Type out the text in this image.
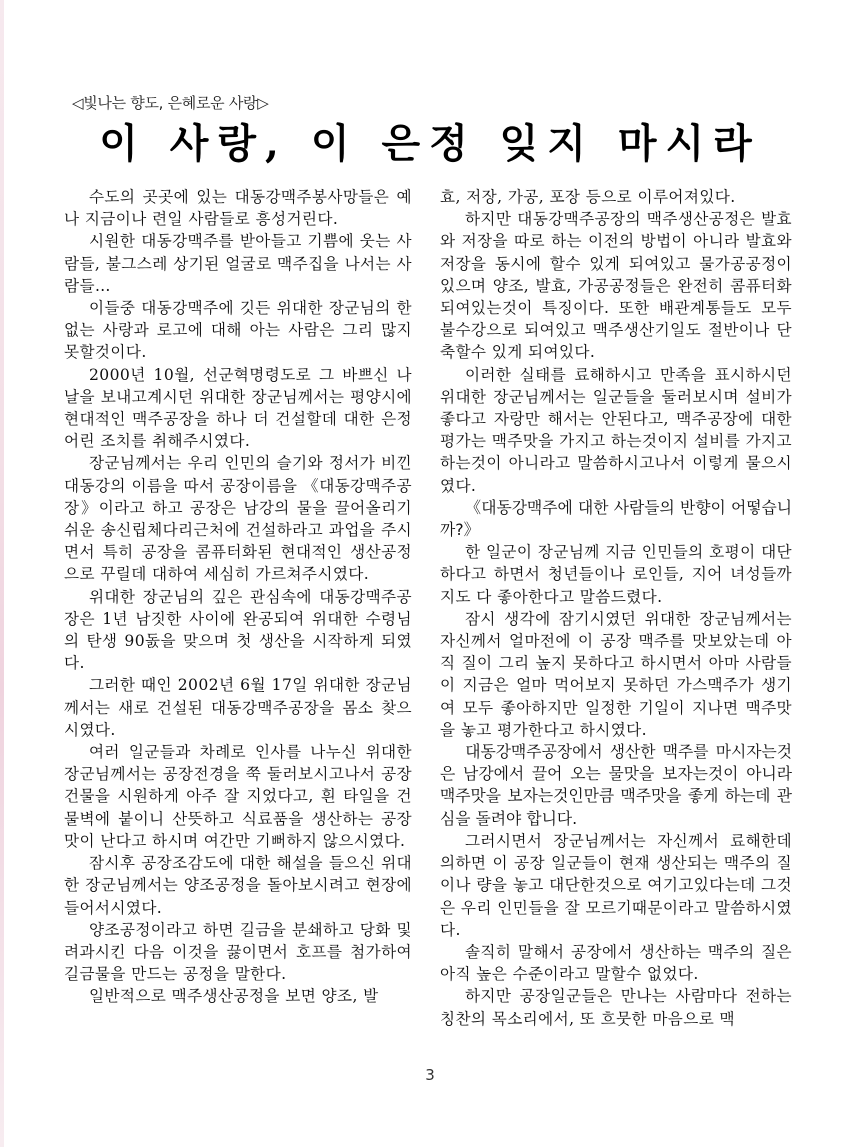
◁빛나는 향도, 은혜로운 사랑▷
이 사랑, 이 은정 잊지 마시라

수도의 곳곳에 있는 대동강맥주봉사망들은 예나 지금이나 련일 사람들로 흥성거린다.

시원한 대동강맥주를 받아들고 기쁨에 웃는 사람들, 불그스레 상기된 얼굴로 맥주집을 나서는 사람들…

이들중 대동강맥주에 깃든 위대한 장군님의 한없는 사랑과 로고에 대해 아는 사람은 그리 많지 못할것이다.

2000년 10월, 선군혁명령도로 그 바쁘신 나날을 보내고계시던 위대한 장군님께서는 평양시에 현대적인 맥주공장을 하나 더 건설할데 대한 은정어린 조치를 취해주시였다.

장군님께서는 우리 인민의 슬기와 정서가 비낀 대동강의 이름을 따서 공장이름을 《대동강맥주공장》이라고 하고 공장은 남강의 물을 끌어올리기 쉬운 송신립체다리근처에 건설하라고 과업을 주시면서 특히 공장을 콤퓨터화된 현대적인 생산공정으로 꾸릴데 대하여 세심히 가르쳐주시였다.

위대한 장군님의 깊은 관심속에 대동강맥주공장은 1년 남짓한 사이에 완공되여 위대한 수령님의 탄생 90돐을 맞으며 첫 생산을 시작하게 되였다.

그러한 때인 2002년 6월 17일 위대한 장군님께서는 새로 건설된 대동강맥주공장을 몸소 찾으시였다.

여러 일군들과 차례로 인사를 나누신 위대한 장군님께서는 공장전경을 쭉 둘러보시고나서 공장건물을 시원하게 아주 잘 지었다고, 흰 타일을 건물벽에 붙이니 산뜻하고 식료품을 생산하는 공장맛이 난다고 하시며 여간만 기뻐하지 않으시였다.

잠시후 공장조감도에 대한 해설을 들으신 위대한 장군님께서는 양조공정을 돌아보시려고 현장에 들어서시였다.

양조공정이라고 하면 길금을 분쇄하고 당화 및 려과시킨 다음 이것을 끓이면서 호프를 첨가하여 길금물을 만드는 공정을 말한다.

일반적으로 맥주생산공정을 보면 양조, 발

효, 저장, 가공, 포장 등으로 이루어져있다.

하지만 대동강맥주공장의 맥주생산공정은 발효와 저장을 따로 하는 이전의 방법이 아니라 발효와 저장을 동시에 할수 있게 되여있고 물가공공정이 있으며 양조, 발효, 가공공정들은 완전히 콤퓨터화되여있는것이 특징이다. 또한 배관계통들도 모두 불수강으로 되여있고 맥주생산기일도 절반이나 단축할수 있게 되여있다.

이러한 실태를 료해하시고 만족을 표시하시던 위대한 장군님께서는 일군들을 둘러보시며 설비가 좋다고 자랑만 해서는 안된다고, 맥주공장에 대한 평가는 맥주맛을 가지고 하는것이지 설비를 가지고 하는것이 아니라고 말씀하시고나서 이렇게 물으시였다.

《대동강맥주에 대한 사람들의 반향이 어떻습니까?》

한 일군이 장군님께 지금 인민들의 호평이 대단하다고 하면서 청년들이나 로인들, 지어 녀성들까지도 다 좋아한다고 말씀드렸다.

잠시 생각에 잠기시였던 위대한 장군님께서는 자신께서 얼마전에 이 공장 맥주를 맛보았는데 아직 질이 그리 높지 못하다고 하시면서 아마 사람들이 지금은 얼마 먹어보지 못하던 가스맥주가 생기여 모두 좋아하지만 일정한 기일이 지나면 맥주맛을 놓고 평가한다고 하시였다.

대동강맥주공장에서 생산한 맥주를 마시자는것은 남강에서 끌어 오는 물맛을 보자는것이 아니라 맥주맛을 보자는것인만큼 맥주맛을 좋게 하는데 관심을 돌려야 합니다.

그러시면서 장군님께서는 자신께서 료해한데 의하면 이 공장 일군들이 현재 생산되는 맥주의 질이나 량을 놓고 대단한것으로 여기고있다는데 그것은 우리 인민들을 잘 모르기때문이라고 말씀하시였다.

솔직히 말해서 공장에서 생산하는 맥주의 질은 아직 높은 수준이라고 말할수 없었다.

하지만 공장일군들은 만나는 사람마다 전하는 칭찬의 목소리에서, 또 흐뭇한 마음으로 맥

3
